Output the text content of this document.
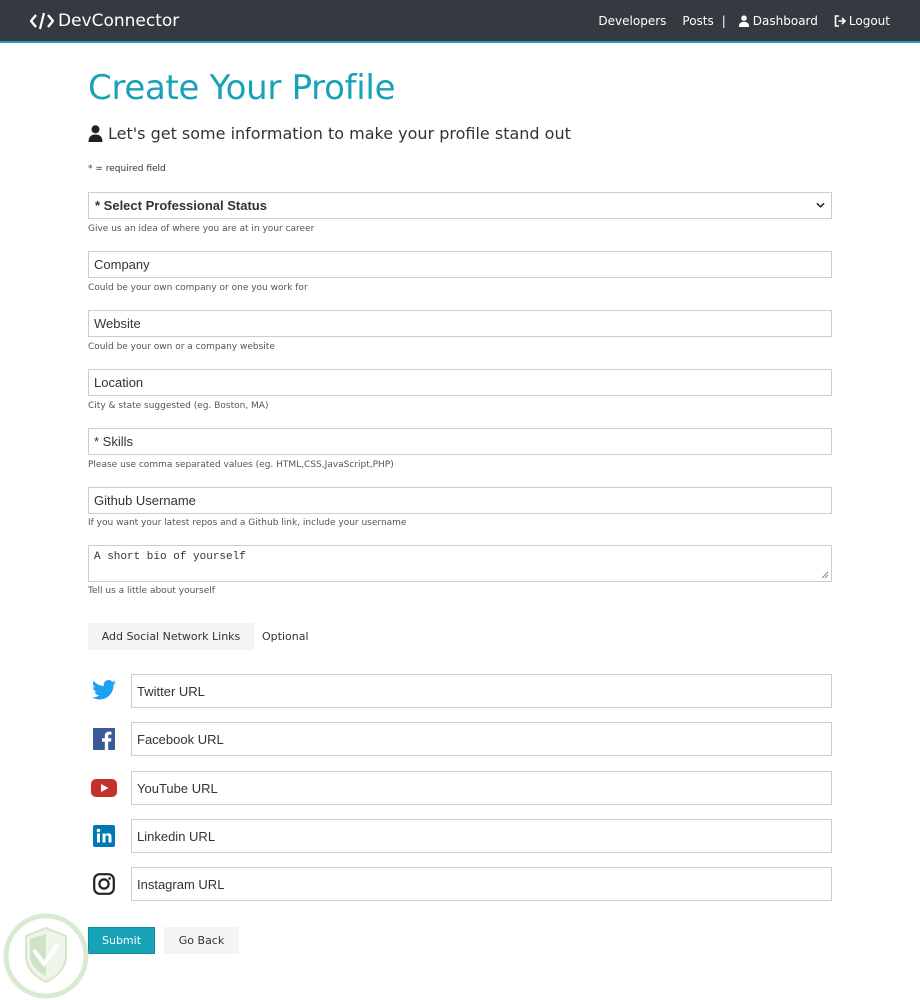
DevConnector	Developers Posts | Dashboard	Logout
Create Your Profile
Let's get some information to make your profile stand out
* = required field
* Select Professional Status
Give us an idea of where you are at in your career
Company
Could be your own company or one you work for
Website
Could be your own or a company website
Location
City & state suggested (eg. Boston, MA)
* Skills
Please use comma separated values (eg. HTML,CSS,JavaScript,PHP)
Github Username
If you want your latest repos and a Github link, include your username
A short bio of yourself
Tell us a little about yourself
Add Social Network Links	Optional
Twitter URL
Facebook URL
YouTube URL
Linkedin URL
Instagram URL
Submit	Go Back
